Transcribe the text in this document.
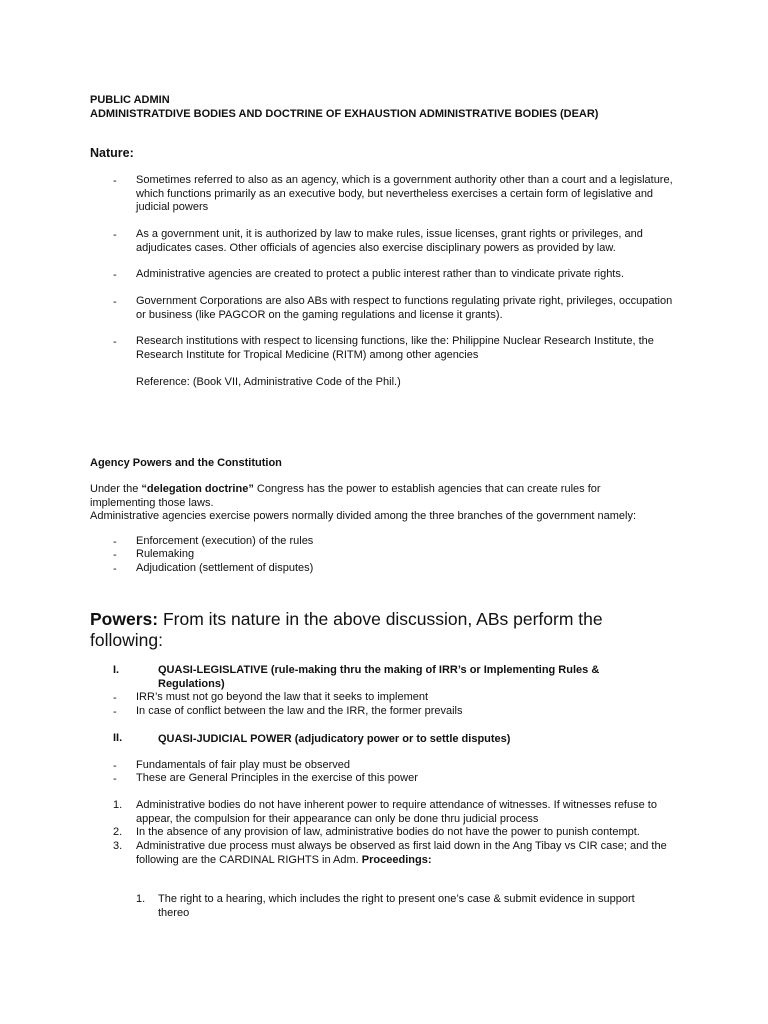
PUBLIC ADMIN
ADMINISTRATDIVE BODIES AND DOCTRINE OF EXHAUSTION ADMINISTRATIVE BODIES (DEAR)
Nature:
- Sometimes referred to also as an agency, which is a government authority other than a court and a legislature, which functions primarily as an executive body, but nevertheless exercises a certain form of legislative and judicial powers
- As a government unit, it is authorized by law to make rules, issue licenses, grant rights or privileges, and adjudicates cases. Other officials of agencies also exercise disciplinary powers as provided by law.
- Administrative agencies are created to protect a public interest rather than to vindicate private rights.
- Government Corporations are also ABs with respect to functions regulating private right, privileges, occupation or business (like PAGCOR on the gaming regulations and license it grants).
- Research institutions with respect to licensing functions, like the: Philippine Nuclear Research Institute, the Research Institute for Tropical Medicine (RITM) among other agencies
Reference: (Book VII, Administrative Code of the Phil.)
Agency Powers and the Constitution
Under the “delegation doctrine” Congress has the power to establish agencies that can create rules for implementing those laws.
Administrative agencies exercise powers normally divided among the three branches of the government namely:
- Enforcement (execution) of the rules
- Rulemaking
- Adjudication (settlement of disputes)
Powers: From its nature in the above discussion, ABs perform the following:
I.	QUASI-LEGISLATIVE (rule-making thru the making of IRR’s or Implementing Rules & Regulations)
- IRR’s must not go beyond the law that it seeks to implement
- In case of conflict between the law and the IRR, the former prevails
II.	QUASI-JUDICIAL POWER (adjudicatory power or to settle disputes)
- Fundamentals of fair play must be observed
- These are General Principles in the exercise of this power
1. Administrative bodies do not have inherent power to require attendance of witnesses. If witnesses refuse to appear, the compulsion for their appearance can only be done thru judicial process
2. In the absence of any provision of law, administrative bodies do not have the power to punish contempt.
3. Administrative due process must always be observed as first laid down in the Ang Tibay vs CIR case; and the following are the CARDINAL RIGHTS in Adm. Proceedings:
1. The right to a hearing, which includes the right to present one’s case & submit evidence in support thereo
